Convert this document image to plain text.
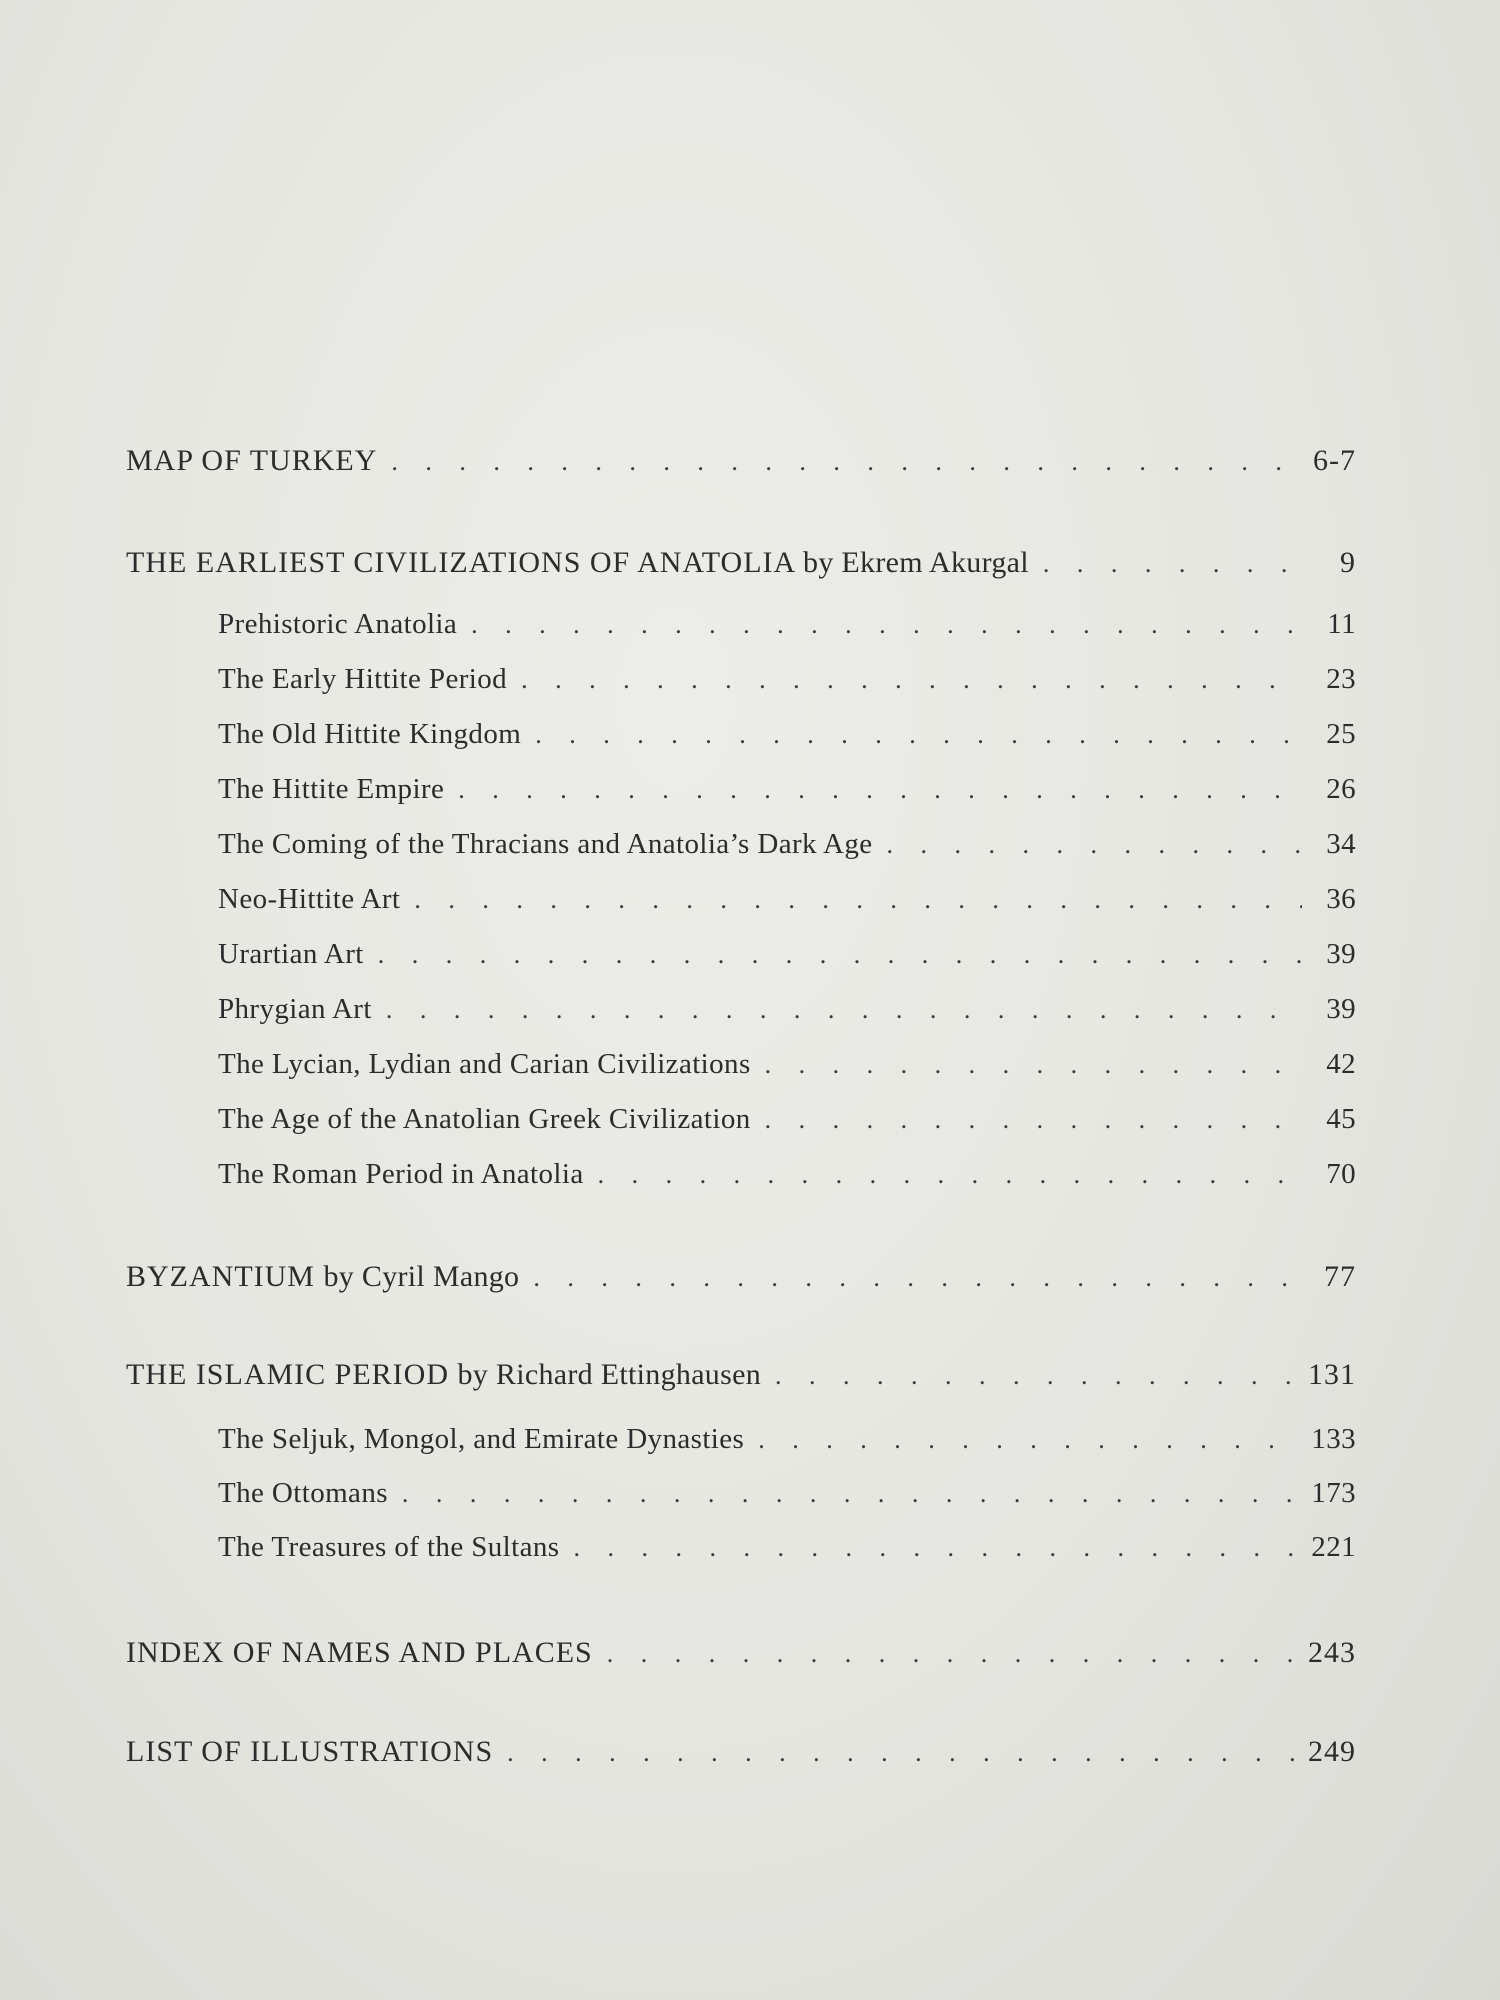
MAP OF TURKEY . .	6-7
THE EARLIEST CIVILIZATIONS OF ANATOLIA by Ekrem Akurgal . .	9
Prehistoric Anatolia . .	11
The Early Hittite Period . .	23
The Old Hittite Kingdom . .	25
The Hittite Empire . .	26
The Coming of the Thracians and Anatolia’s Dark Age . .	34
Neo-Hittite Art . .	36
Urartian Art . .	39
Phrygian Art . .	39
The Lycian, Lydian and Carian Civilizations . .	42
The Age of the Anatolian Greek Civilization . .	45
The Roman Period in Anatolia . .	70
BYZANTIUM by Cyril Mango . .	77
THE ISLAMIC PERIOD by Richard Ettinghausen . .	131
The Seljuk, Mongol, and Emirate Dynasties . .	133
The Ottomans . .	173
The Treasures of the Sultans . .	221
INDEX OF NAMES AND PLACES . .	243
LIST OF ILLUSTRATIONS . .	249
